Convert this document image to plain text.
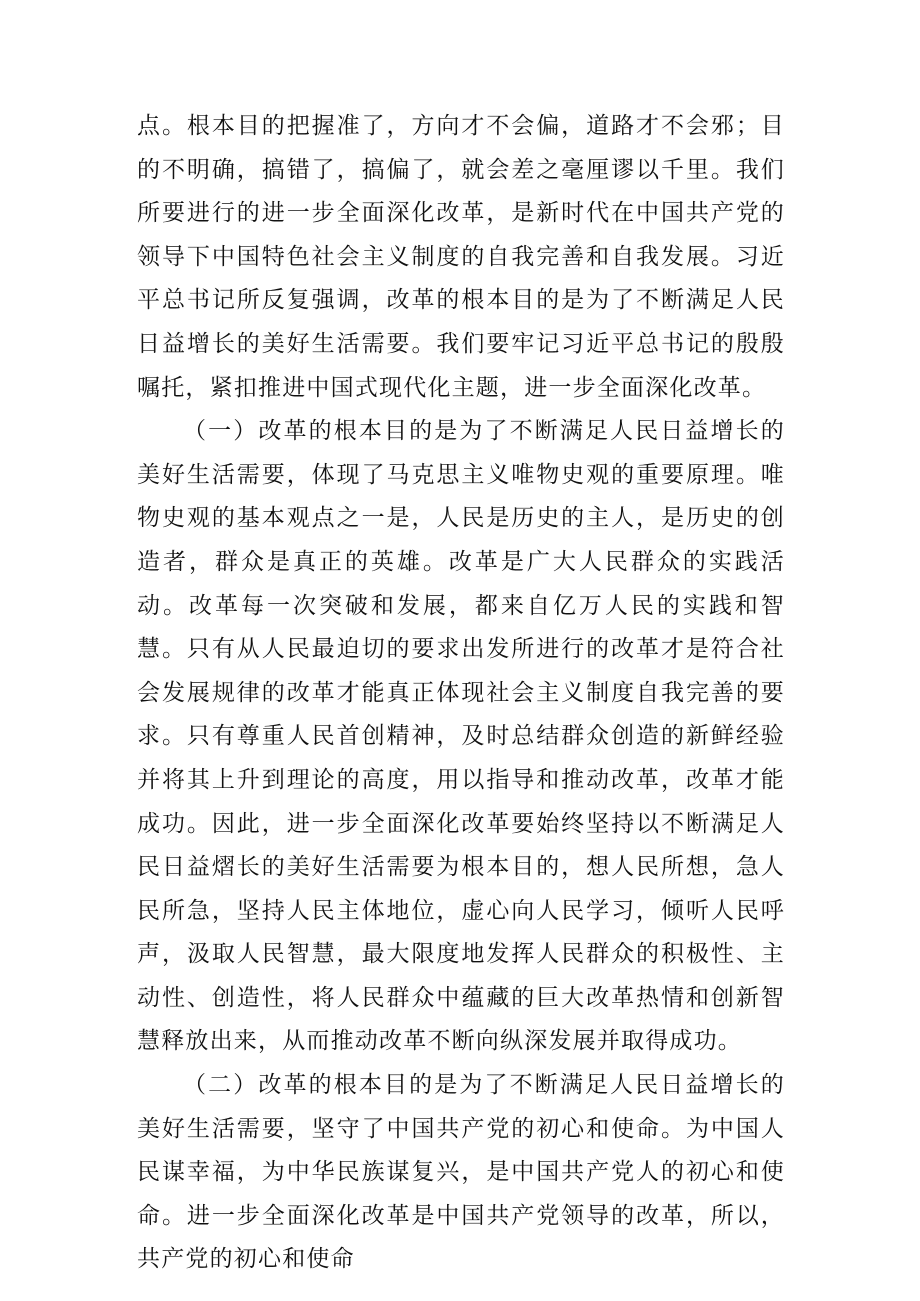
点。根本目的把握准了，方向才不会偏，道路才不会邪；目的不明确，搞错了，搞偏了，就会差之毫厘谬以千里。我们所要进行的进一步全面深化改革，是新时代在中国共产党的领导下中国特色社会主义制度的自我完善和自我发展。习近平总书记所反复强调，改革的根本目的是为了不断满足人民日益增长的美好生活需要。我们要牢记习近平总书记的殷殷嘱托，紧扣推进中国式现代化主题，进一步全面深化改革。

（一）改革的根本目的是为了不断满足人民日益增长的美好生活需要，体现了马克思主义唯物史观的重要原理。唯物史观的基本观点之一是，人民是历史的主人，是历史的创造者，群众是真正的英雄。改革是广大人民群众的实践活动。改革每一次突破和发展，都来自亿万人民的实践和智慧。只有从人民最迫切的要求出发所进行的改革才是符合社会发展规律的改革才能真正体现社会主义制度自我完善的要求。只有尊重人民首创精神，及时总结群众创造的新鲜经验并将其上升到理论的高度，用以指导和推动改革，改革才能成功。因此，进一步全面深化改革要始终坚持以不断满足人民日益熠长的美好生活需要为根本目的，想人民所想，急人民所急，坚持人民主体地位，虚心向人民学习，倾听人民呼声，汲取人民智慧，最大限度地发挥人民群众的积极性、主动性、创造性，将人民群众中蕴藏的巨大改革热情和创新智慧释放出来，从而推动改革不断向纵深发展并取得成功。

（二）改革的根本目的是为了不断满足人民日益增长的美好生活需要，坚守了中国共产党的初心和使命。为中国人民谋幸福，为中华民族谋复兴，是中国共产党人的初心和使命。进一步全面深化改革是中国共产党领导的改革，所以，共产党的初心和使命
